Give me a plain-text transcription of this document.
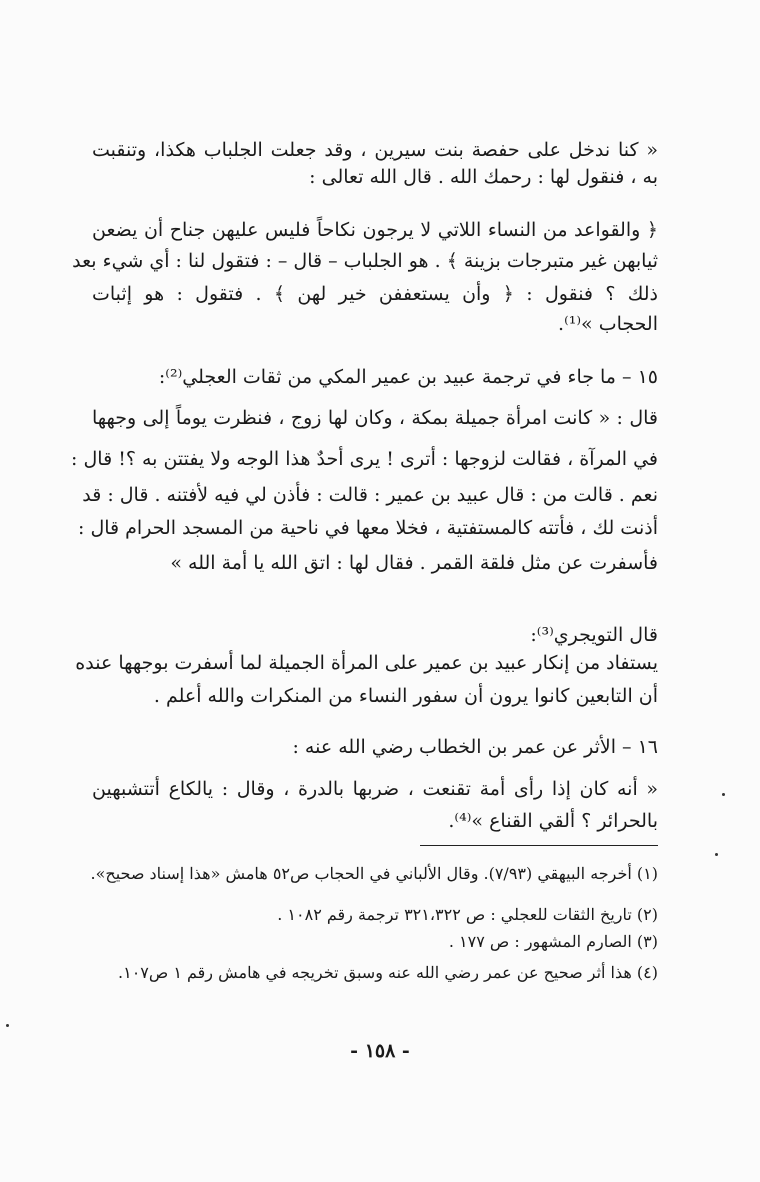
« كنا ندخل على حفصة بنت سيرين ، وقد جعلت الجلباب هكذا، وتنقبت
به ، فنقول لها : رحمك الله . قال الله تعالى :
﴿ والقواعد من النساء اللاتي لا يرجون نكاحاً فليس عليهن جناح أن يضعن
ثيابهن غير متبرجات بزينة ﴾ . هو الجلباب – قال – : فتقول لنا : أي شيء بعد
ذلك ؟ فنقول : ﴿ وأن يستعففن خير لهن ﴾ . فتقول : هو إثبات
الحجاب »⁽¹⁾.
١٥ – ما جاء في ترجمة عبيد بن عمير المكي من ثقات العجلي⁽²⁾:
قال : « كانت امرأة جميلة بمكة ، وكان لها زوج ، فنظرت يوماً إلى وجهها
في المرآة ، فقالت لزوجها : أترى ! يرى أحدٌ هذا الوجه ولا يفتتن به ؟! قال :
نعم . قالت من : قال عبيد بن عمير : قالت : فأذن لي فيه لأفتنه . قال : قد
أذنت لك ، فأتته كالمستفتية ، فخلا معها في ناحية من المسجد الحرام قال :
فأسفرت عن مثل فلقة القمر . فقال لها : اتق الله يا أمة الله »
قال التويجري⁽³⁾:
يستفاد من إنكار عبيد بن عمير على المرأة الجميلة لما أسفرت بوجهها عنده
أن التابعين كانوا يرون أن سفور النساء من المنكرات والله أعلم .
١٦ – الأثر عن عمر بن الخطاب رضي الله عنه :
« أنه كان إذا رأى أمة تقنعت ، ضربها بالدرة ، وقال : يالكاع أتتشبهين
بالحرائر ؟ ألقي القناع »⁽⁴⁾.
(١) أخرجه البيهقي (٧/٩٣). وقال الألباني في الحجاب ص٥٢ هامش «هذا إسناد صحيح».
(٢) تاريخ الثقات للعجلي : ص ٣٢١،٣٢٢ ترجمة رقم ١٠٨٢ .
(٣) الصارم المشهور : ص ١٧٧ .
(٤) هذا أثر صحيح عن عمر رضي الله عنه وسبق تخريجه في هامش رقم ١ ص١٠٧.
- ١٥٨ -
